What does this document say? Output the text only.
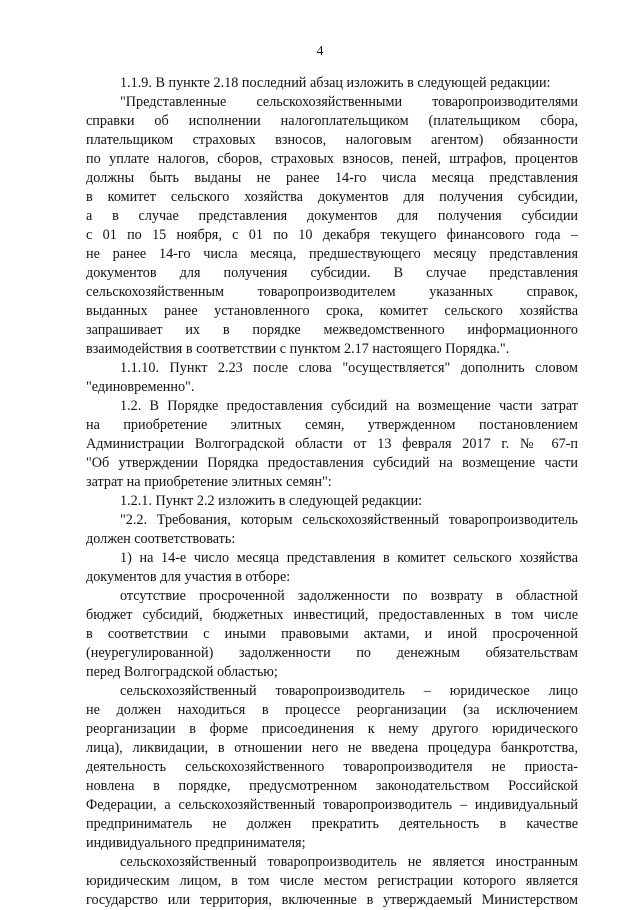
4
1.1.9. В пункте 2.18 последний абзац изложить в следующей редакции:
"Представленные сельскохозяйственными товаропроизводителями
справки об исполнении налогоплательщиком (плательщиком сбора,
плательщиком страховых взносов, налоговым агентом) обязанности
по уплате налогов, сборов, страховых взносов, пеней, штрафов, процентов
должны быть выданы не ранее 14-го числа месяца представления
в комитет сельского хозяйства документов для получения субсидии,
а в случае представления документов для получения субсидии
с 01 по 15 ноября, с 01 по 10 декабря текущего финансового года –
не ранее 14-го числа месяца, предшествующего месяцу представления
документов для получения субсидии. В случае представления
сельскохозяйственным товаропроизводителем указанных справок,
выданных ранее установленного срока, комитет сельского хозяйства
запрашивает их в порядке межведомственного информационного
взаимодействия в соответствии с пунктом 2.17 настоящего Порядка.".
1.1.10. Пункт 2.23 после слова "осуществляется" дополнить словом
"единовременно".
1.2. В Порядке предоставления субсидий на возмещение части затрат
на приобретение элитных семян, утвержденном постановлением
Администрации Волгоградской области от 13 февраля 2017 г. № 67-п
"Об утверждении Порядка предоставления субсидий на возмещение части
затрат на приобретение элитных семян":
1.2.1. Пункт 2.2 изложить в следующей редакции:
"2.2. Требования, которым сельскохозяйственный товаропроизводитель
должен соответствовать:
1) на 14-е число месяца представления в комитет сельского хозяйства
документов для участия в отборе:
отсутствие просроченной задолженности по возврату в областной
бюджет субсидий, бюджетных инвестиций, предоставленных в том числе
в соответствии с иными правовыми актами, и иной просроченной
(неурегулированной) задолженности по денежным обязательствам
перед Волгоградской областью;
сельскохозяйственный товаропроизводитель – юридическое лицо
не должен находиться в процессе реорганизации (за исключением
реорганизации в форме присоединения к нему другого юридического
лица), ликвидации, в отношении него не введена процедура банкротства,
деятельность сельскохозяйственного товаропроизводителя не приоста-
новлена в порядке, предусмотренном законодательством Российской
Федерации, а сельскохозяйственный товаропроизводитель – индивидуальный
предприниматель не должен прекратить деятельность в качестве
индивидуального предпринимателя;
сельскохозяйственный товаропроизводитель не является иностранным
юридическим лицом, в том числе местом регистрации которого является
государство или территория, включенные в утверждаемый Министерством
